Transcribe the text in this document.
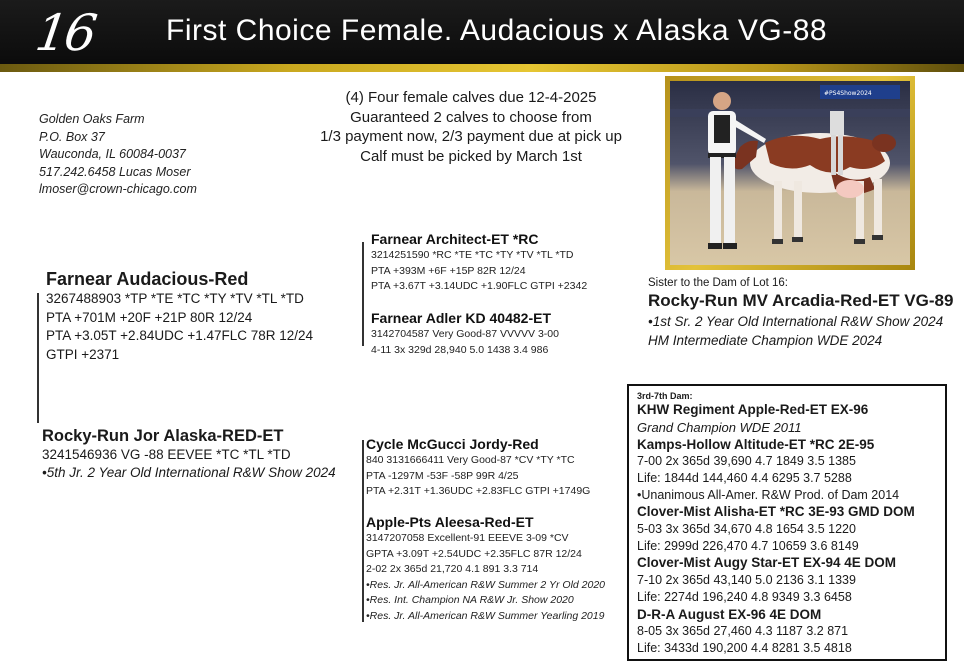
16 First Choice Female. Audacious x Alaska VG-88
Golden Oaks Farm
P.O. Box 37
Wauconda, IL 60084-0037
517.242.6458 Lucas Moser
lmoser@crown-chicago.com
(4) Four female calves due 12-4-2025
Guaranteed 2 calves to choose from
1/3 payment now, 2/3 payment due at pick up
Calf must be picked by March 1st
#PS4Show2024
Farnear Audacious-Red
3267488903 *TP *TE *TC *TY *TV *TL *TD
PTA +701M +20F +21P 80R 12/24
PTA +3.05T +2.84UDC +1.47FLC 78R 12/24
GTPI +2371
Farnear Architect-ET *RC
3214251590 *RC *TE *TC *TY *TV *TL *TD
PTA +393M +6F +15P 82R 12/24
PTA +3.67T +3.14UDC +1.90FLC GTPI +2342
Farnear Adler KD 40482-ET
3142704587 Very Good-87 VVVVV 3-00
4-11 3x 329d 28,940 5.0 1438 3.4 986
Rocky-Run Jor Alaska-RED-ET
3241546936 VG -88 EEVEE *TC *TL *TD
•5th Jr. 2 Year Old International R&W Show 2024
Cycle McGucci Jordy-Red
840 3131666411 Very Good-87 *CV *TY *TC
PTA -1297M -53F -58P 99R 4/25
PTA +2.31T +1.36UDC +2.83FLC GTPI +1749G
Apple-Pts Aleesa-Red-ET
3147207058 Excellent-91 EEEVE 3-09 *CV
GPTA +3.09T +2.54UDC +2.35FLC 87R 12/24
2-02 2x 365d 21,720 4.1 891 3.3 714
•Res. Jr. All-American R&W Summer 2 Yr Old 2020
•Res. Int. Champion NA R&W Jr. Show 2020
•Res. Jr. All-American R&W Summer Yearling 2019
Sister to the Dam of Lot 16:
Rocky-Run MV Arcadia-Red-ET VG-89
•1st Sr. 2 Year Old International R&W Show 2024
HM Intermediate Champion WDE 2024
3rd-7th Dam:
KHW Regiment Apple-Red-ET EX-96
Grand Champion WDE 2011
Kamps-Hollow Altitude-ET *RC 2E-95
7-00 2x 365d 39,690 4.7 1849 3.5 1385
Life: 1844d 144,460 4.4 6295 3.7 5288
•Unanimous All-Amer. R&W Prod. of Dam 2014
Clover-Mist Alisha-ET *RC 3E-93 GMD DOM
5-03 3x 365d 34,670 4.8 1654 3.5 1220
Life: 2999d 226,470 4.7 10659 3.6 8149
Clover-Mist Augy Star-ET EX-94 4E DOM
7-10 2x 365d 43,140 5.0 2136 3.1 1339
Life: 2274d 196,240 4.8 9349 3.3 6458
D-R-A August EX-96 4E DOM
8-05 3x 365d 27,460 4.3 1187 3.2 871
Life: 3433d 190,200 4.4 8281 3.5 4818
